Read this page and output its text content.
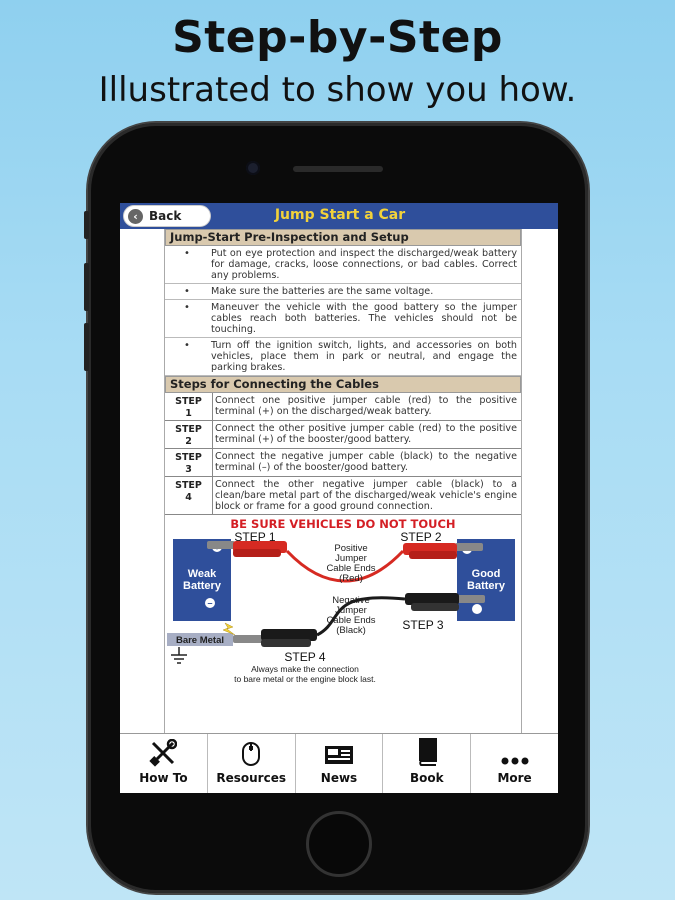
Step-by-Step
Illustrated to show you how.
‹ Back	Jump Start a Car
Jump-Start Pre-Inspection and Setup
•	Put on eye protection and inspect the discharged/weak battery for damage, cracks, loose connections, or bad cables. Correct any problems.
•	Make sure the batteries are the same voltage.
•	Maneuver the vehicle with the good battery so the jumper cables reach both batteries. The vehicles should not be touching.
•	Turn off the ignition switch, lights, and accessories on both vehicles, place them in park or neutral, and engage the parking brakes.
Steps for Connecting the Cables
STEP
1
Connect one positive jumper cable (red) to the positive terminal (+) on the discharged/weak battery.
STEP
2
Connect the other positive jumper cable (red) to the positive terminal (+) of the booster/good battery.
STEP
3
Connect the negative jumper cable (black) to the negative terminal (–) of the booster/good battery.
STEP
4
Connect the other negative jumper cable (black) to a clean/bare metal part of the discharged/weak vehicle's engine block or frame for a good ground connection.
BE SURE VEHICLES DO NOT TOUCH
Weak
Battery
–
Good
Battery
Bare Metal
STEP 1	STEP 2
STEP 3
STEP 4
Positive
Jumper
Cable Ends
(Red)
Negative
Jumper
Cable Ends
(Black)
Always make the connection
to bare metal or the engine block last.
How To Resources	News	Book	More
